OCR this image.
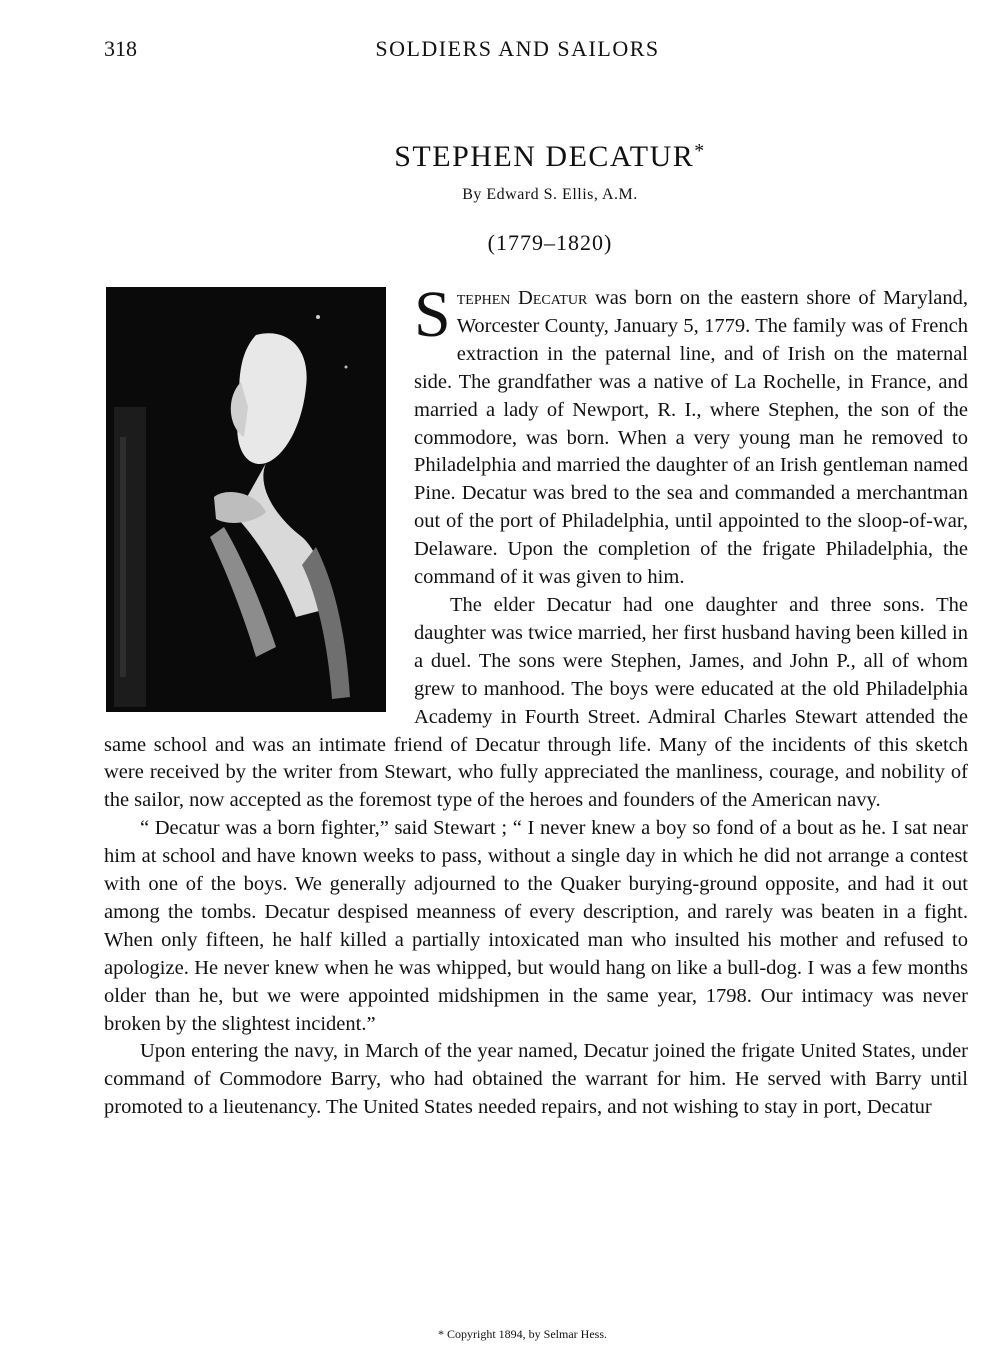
318	SOLDIERS AND SAILORS
STEPHEN DECATUR*
By Edward S. Ellis, A.M.
(1779–1820)

Stephen Decatur was born on the eastern shore of Maryland, Worcester County, January 5, 1779. The family was of French extraction in the paternal line, and of Irish on the maternal side. The grandfather was a native of La Rochelle, in France, and married a lady of Newport, R. I., where Stephen, the son of the commodore, was born. When a very young man he removed to Philadelphia and married the daughter of an Irish gentleman named Pine. Decatur was bred to the sea and commanded a merchantman out of the port of Philadelphia, until appointed to the sloop-of-war, Delaware. Upon the completion of the frigate Philadelphia, the command of it was given to him.

The elder Decatur had one daughter and three sons. The daughter was twice married, her first husband having been killed in a duel. The sons were Stephen, James, and John P., all of whom grew to manhood. The boys were educated at the old Philadelphia Academy in Fourth Street. Admiral Charles Stewart attended the same school and was an intimate friend of Decatur through life. Many of the incidents of this sketch were received by the writer from Stewart, who fully appreciated the manliness, courage, and nobility of the sailor, now accepted as the foremost type of the heroes and founders of the American navy.

“ Decatur was a born fighter,” said Stewart ; “ I never knew a boy so fond of a bout as he. I sat near him at school and have known weeks to pass, without a single day in which he did not arrange a contest with one of the boys. We generally adjourned to the Quaker burying-ground opposite, and had it out among the tombs. Decatur despised meanness of every description, and rarely was beaten in a fight. When only fifteen, he half killed a partially intoxicated man who insulted his mother and refused to apologize. He never knew when he was whipped, but would hang on like a bull-dog. I was a few months older than he, but we were appointed midshipmen in the same year, 1798. Our intimacy was never broken by the slightest incident.”

Upon entering the navy, in March of the year named, Decatur joined the frigate United States, under command of Commodore Barry, who had obtained the warrant for him. He served with Barry until promoted to a lieutenancy. The United States needed repairs, and not wishing to stay in port, Decatur

* Copyright 1894, by Selmar Hess.
